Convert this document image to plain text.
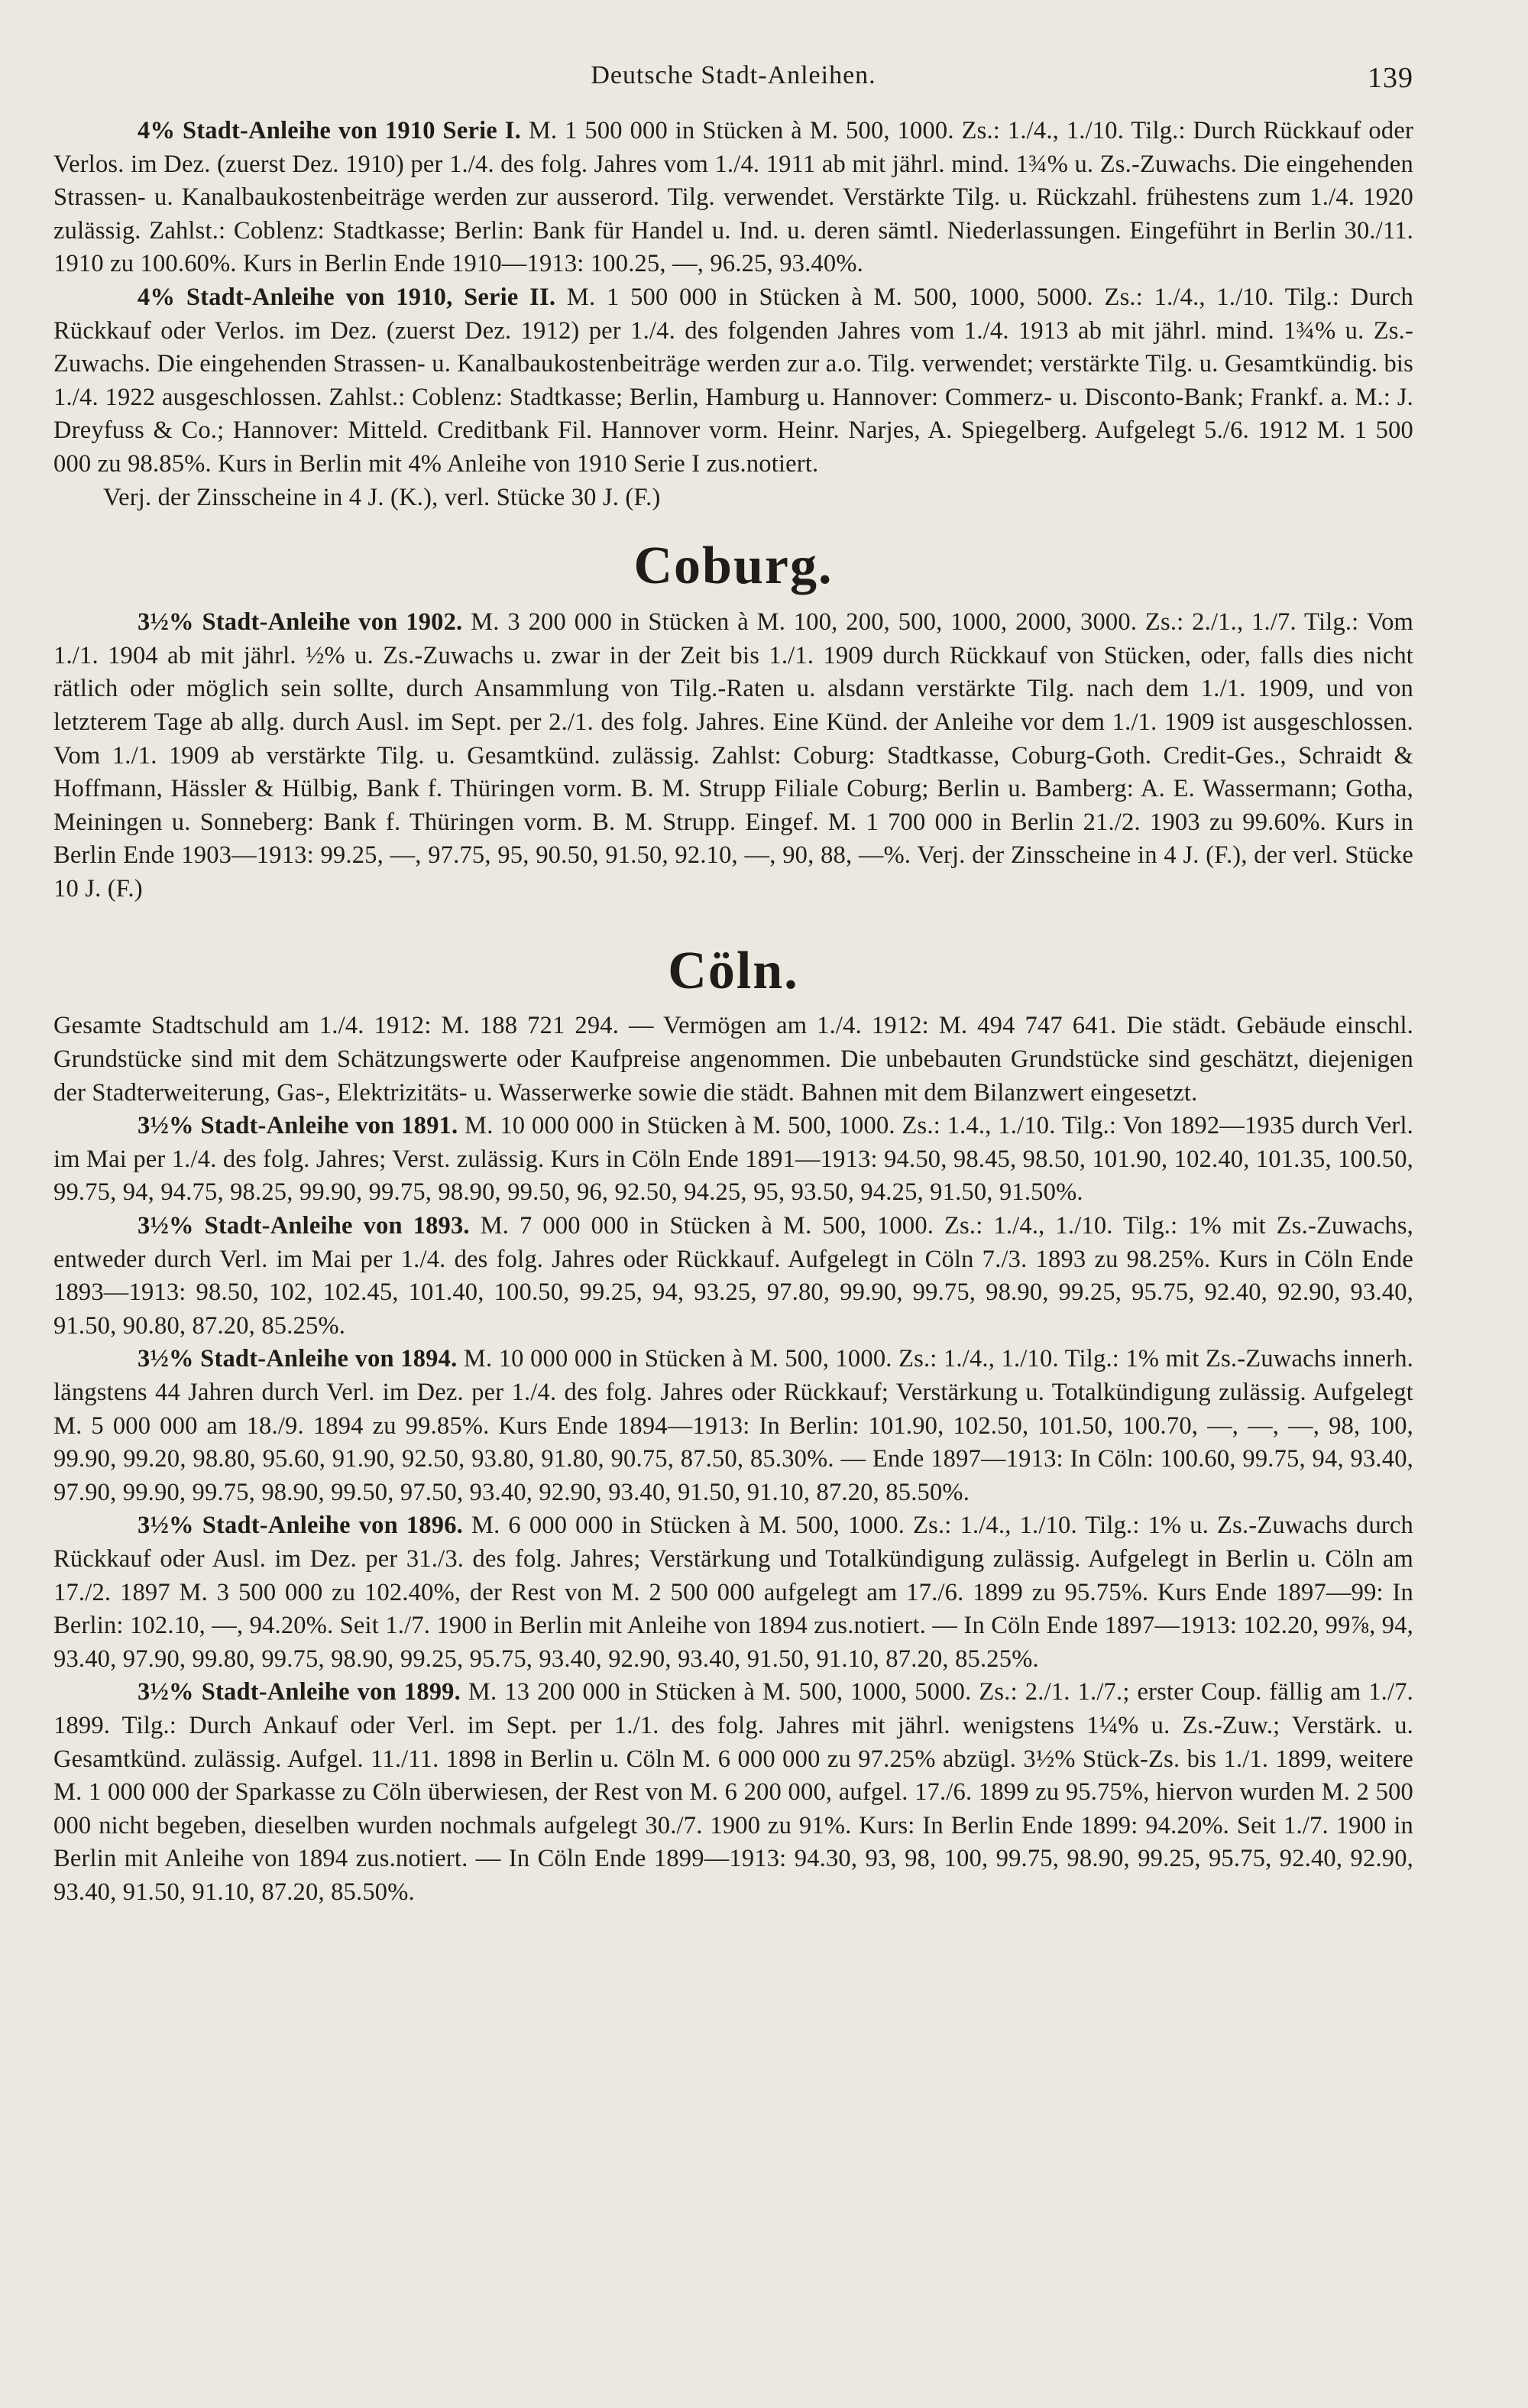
Deutsche Stadt-Anleihen.	139

4% Stadt-Anleihe von 1910 Serie I. M. 1 500 000 in Stücken à M. 500, 1000. Zs.: 1./4., 1./10. Tilg.: Durch Rückkauf oder Verlos. im Dez. (zuerst Dez. 1910) per 1./4. des folg. Jahres vom 1./4. 1911 ab mit jährl. mind. 1¾% u. Zs.-Zuwachs. Die eingehenden Strassen- u. Kanalbaukostenbeiträge werden zur ausserord. Tilg. verwendet. Verstärkte Tilg. u. Rückzahl. frühestens zum 1./4. 1920 zulässig. Zahlst.: Coblenz: Stadtkasse; Berlin: Bank für Handel u. Ind. u. deren sämtl. Niederlassungen. Eingeführt in Berlin 30./11. 1910 zu 100.60%. Kurs in Berlin Ende 1910—1913: 100.25, —, 96.25, 93.40%.

4% Stadt-Anleihe von 1910, Serie II. M. 1 500 000 in Stücken à M. 500, 1000, 5000. Zs.: 1./4., 1./10. Tilg.: Durch Rückkauf oder Verlos. im Dez. (zuerst Dez. 1912) per 1./4. des folgenden Jahres vom 1./4. 1913 ab mit jährl. mind. 1¾% u. Zs.-Zuwachs. Die eingehenden Strassen- u. Kanalbaukostenbeiträge werden zur a.o. Tilg. verwendet; verstärkte Tilg. u. Gesamtkündig. bis 1./4. 1922 ausgeschlossen. Zahlst.: Coblenz: Stadtkasse; Berlin, Hamburg u. Hannover: Commerz- u. Disconto-Bank; Frankf. a. M.: J. Dreyfuss & Co.; Hannover: Mitteld. Creditbank Fil. Hannover vorm. Heinr. Narjes, A. Spiegelberg. Aufgelegt 5./6. 1912 M. 1 500 000 zu 98.85%. Kurs in Berlin mit 4% Anleihe von 1910 Serie I zus.notiert.

Verj. der Zinsscheine in 4 J. (K.), verl. Stücke 30 J. (F.)

Coburg.

3½% Stadt-Anleihe von 1902. M. 3 200 000 in Stücken à M. 100, 200, 500, 1000, 2000, 3000. Zs.: 2./1., 1./7. Tilg.: Vom 1./1. 1904 ab mit jährl. ½% u. Zs.-Zuwachs u. zwar in der Zeit bis 1./1. 1909 durch Rückkauf von Stücken, oder, falls dies nicht rätlich oder möglich sein sollte, durch Ansammlung von Tilg.-Raten u. alsdann verstärkte Tilg. nach dem 1./1. 1909, und von letzterem Tage ab allg. durch Ausl. im Sept. per 2./1. des folg. Jahres. Eine Künd. der Anleihe vor dem 1./1. 1909 ist ausgeschlossen. Vom 1./1. 1909 ab verstärkte Tilg. u. Gesamtkünd. zulässig. Zahlst: Coburg: Stadtkasse, Coburg-Goth. Credit-Ges., Schraidt & Hoffmann, Hässler & Hülbig, Bank f. Thüringen vorm. B. M. Strupp Filiale Coburg; Berlin u. Bamberg: A. E. Wassermann; Gotha, Meiningen u. Sonneberg: Bank f. Thüringen vorm. B. M. Strupp. Eingef. M. 1 700 000 in Berlin 21./2. 1903 zu 99.60%. Kurs in Berlin Ende 1903—1913: 99.25, —, 97.75, 95, 90.50, 91.50, 92.10, —, 90, 88, —%. Verj. der Zinsscheine in 4 J. (F.), der verl. Stücke 10 J. (F.)

Cöln.

Gesamte Stadtschuld am 1./4. 1912: M. 188 721 294. — Vermögen am 1./4. 1912: M. 494 747 641. Die städt. Gebäude einschl. Grundstücke sind mit dem Schätzungswerte oder Kaufpreise angenommen. Die unbebauten Grundstücke sind geschätzt, diejenigen der Stadterweiterung, Gas-, Elektrizitäts- u. Wasserwerke sowie die städt. Bahnen mit dem Bilanzwert eingesetzt.

3½% Stadt-Anleihe von 1891. M. 10 000 000 in Stücken à M. 500, 1000. Zs.: 1.4., 1./10. Tilg.: Von 1892—1935 durch Verl. im Mai per 1./4. des folg. Jahres; Verst. zulässig. Kurs in Cöln Ende 1891—1913: 94.50, 98.45, 98.50, 101.90, 102.40, 101.35, 100.50, 99.75, 94, 94.75, 98.25, 99.90, 99.75, 98.90, 99.50, 96, 92.50, 94.25, 95, 93.50, 94.25, 91.50, 91.50%.

3½% Stadt-Anleihe von 1893. M. 7 000 000 in Stücken à M. 500, 1000. Zs.: 1./4., 1./10. Tilg.: 1% mit Zs.-Zuwachs, entweder durch Verl. im Mai per 1./4. des folg. Jahres oder Rückkauf. Aufgelegt in Cöln 7./3. 1893 zu 98.25%. Kurs in Cöln Ende 1893—1913: 98.50, 102, 102.45, 101.40, 100.50, 99.25, 94, 93.25, 97.80, 99.90, 99.75, 98.90, 99.25, 95.75, 92.40, 92.90, 93.40, 91.50, 90.80, 87.20, 85.25%.

3½% Stadt-Anleihe von 1894. M. 10 000 000 in Stücken à M. 500, 1000. Zs.: 1./4., 1./10. Tilg.: 1% mit Zs.-Zuwachs innerh. längstens 44 Jahren durch Verl. im Dez. per 1./4. des folg. Jahres oder Rückkauf; Verstärkung u. Totalkündigung zulässig. Aufgelegt M. 5 000 000 am 18./9. 1894 zu 99.85%. Kurs Ende 1894—1913: In Berlin: 101.90, 102.50, 101.50, 100.70, —, —, —, 98, 100, 99.90, 99.20, 98.80, 95.60, 91.90, 92.50, 93.80, 91.80, 90.75, 87.50, 85.30%. — Ende 1897—1913: In Cöln: 100.60, 99.75, 94, 93.40, 97.90, 99.90, 99.75, 98.90, 99.50, 97.50, 93.40, 92.90, 93.40, 91.50, 91.10, 87.20, 85.50%.

3½% Stadt-Anleihe von 1896. M. 6 000 000 in Stücken à M. 500, 1000. Zs.: 1./4., 1./10. Tilg.: 1% u. Zs.-Zuwachs durch Rückkauf oder Ausl. im Dez. per 31./3. des folg. Jahres; Verstärkung und Totalkündigung zulässig. Aufgelegt in Berlin u. Cöln am 17./2. 1897 M. 3 500 000 zu 102.40%, der Rest von M. 2 500 000 aufgelegt am 17./6. 1899 zu 95.75%. Kurs Ende 1897—99: In Berlin: 102.10, —, 94.20%. Seit 1./7. 1900 in Berlin mit Anleihe von 1894 zus.notiert. — In Cöln Ende 1897—1913: 102.20, 99⅞, 94, 93.40, 97.90, 99.80, 99.75, 98.90, 99.25, 95.75, 93.40, 92.90, 93.40, 91.50, 91.10, 87.20, 85.25%.

3½% Stadt-Anleihe von 1899. M. 13 200 000 in Stücken à M. 500, 1000, 5000. Zs.: 2./1. 1./7.; erster Coup. fällig am 1./7. 1899. Tilg.: Durch Ankauf oder Verl. im Sept. per 1./1. des folg. Jahres mit jährl. wenigstens 1¼% u. Zs.-Zuw.; Verstärk. u. Gesamtkünd. zulässig. Aufgel. 11./11. 1898 in Berlin u. Cöln M. 6 000 000 zu 97.25% abzügl. 3½% Stück-Zs. bis 1./1. 1899, weitere M. 1 000 000 der Sparkasse zu Cöln überwiesen, der Rest von M. 6 200 000, aufgel. 17./6. 1899 zu 95.75%, hiervon wurden M. 2 500 000 nicht begeben, dieselben wurden nochmals aufgelegt 30./7. 1900 zu 91%. Kurs: In Berlin Ende 1899: 94.20%. Seit 1./7. 1900 in Berlin mit Anleihe von 1894 zus.notiert. — In Cöln Ende 1899—1913: 94.30, 93, 98, 100, 99.75, 98.90, 99.25, 95.75, 92.40, 92.90, 93.40, 91.50, 91.10, 87.20, 85.50%.
